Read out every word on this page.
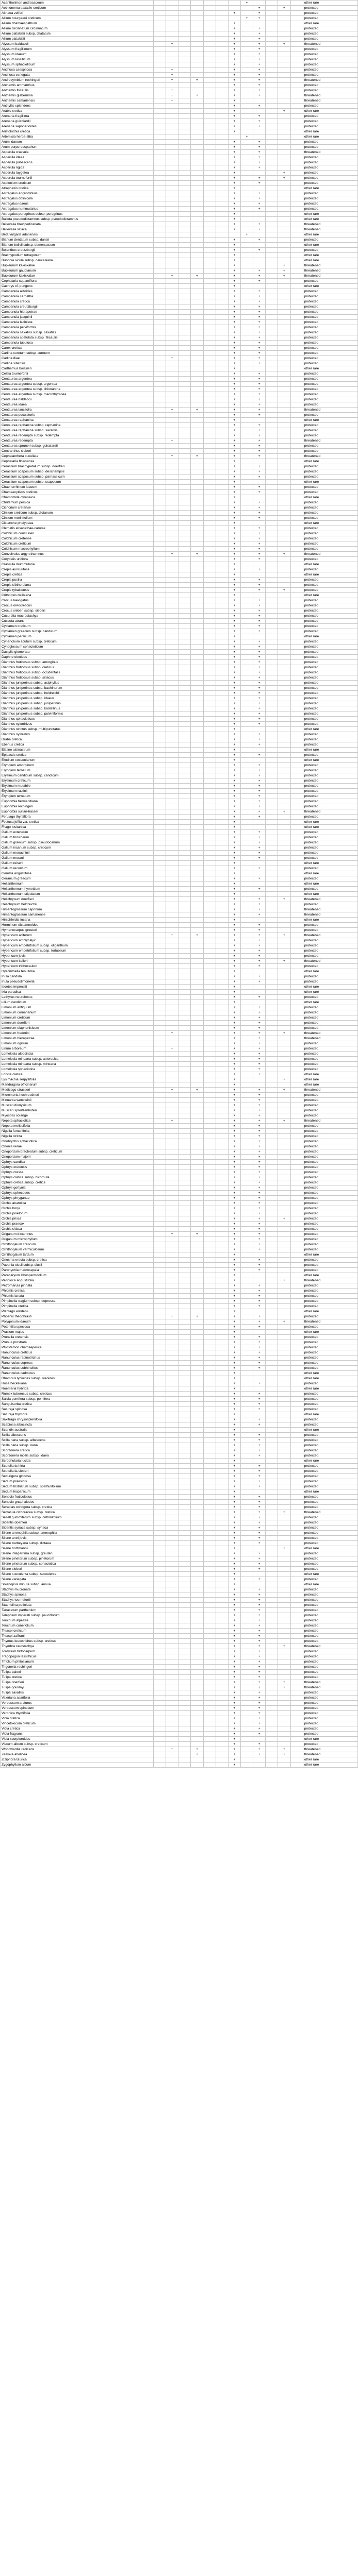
Acanthoiimon androsaceum								+					other rare
Aethionema saxatile creticum									+		+		protected
Althaea zeiferi							+		+				protected
Allium bourgaeui creticum								+	+				protected
Allium chamaespathum							+						other rare
Allium circinnatum circinnatum							+		+				protected
Allium platakisii subsp. dilatatum							+		+				protected
Allium platakisii							+		+				protected
Alyssum baldaccii		+					+		+		+		threatened
Alyssum fragillimum							+		+				protected
Alyssum idaeum							+		+				protected
Alyssum lassiticum							+		+				protected
Alyssum sphacioticum							+		+				protected
Anchusa caespitosa		+					+		+				protected
Anchusa variegata		+					+		+				protected
Androcymbium rechingeri		+		+			+		+				threatened
Anthemis ammanthus							+		+				protected
Anthemis filicaulis		+					+		+				protected
Anthemis glaberrima		+		+			+		+				threatened
Anthemis samariensis		+					+						threatened
Anthyllis splendens							+		+				protected
Arabis cretica							+				+		other rare
Arenaria fragillima							+		+				protected
Arenaria guicciardii							+		+				protected
Arenaria saponarioides							+		+				protected
Aristolochia cretica							+						other rare
Artemisia herba-alba								+					other rare
Arum idaeum							+		+				protected
Arum purpureospathum							+		+				protected
Asperula crassula							+		+				threatened
Asperula idaea							+		+				protected
Asperula pubescens							+		+				protected
Asperula rigida							+		+				protected
Asperula taygetea							+				+		protected
Asperula tournefortii							+		+		+		protected
Asplenium creticum							+		+				protected
Atraphaxis cretica							+						other rare
Astragalus angustifolius							+		+				protected
Astragalus dolinicola							+		+				protected
Astragalus idaeus							+		+				protected
Astragalus nummularius							+		+				protected
Astragalus peregrinus subsp. peregrinus							+						other rare
Ballota pseudodictamnus subsp. pseudodictamnus							+						other rare
Bellevalia brevipedicellata							+		+				threatened
Bellevalia sitiaca							+		+				threatened
Beta vulgaris adanensis								+					other rare
Bianum dentatum subsp. dansii							+		+				protected
Bianum bolivii subsp. obmenassum							+						other rare
Bolanthus creutzburgii							+		+				protected
Brachypodium tetragonum							+						other rare
Bubonia sicula subsp. caucasiana							+						other rare
Bupleurum kakiskalae							+				+		threatened
Bupleurum gaudianum							+		+		+		threatened
Bupleurum kakiskalae		+		+			+		+		+		threatened
Cephalaria squamiflora							+		+				protected
Cachrys cf. pungens							+						other rare
Campanula aizoides							+		+				protected
Campanula carpatha							+		+				protected
Campanula cretica							+		+				protected
Campanula creutzburgii							+		+				protected
Campanula hierapetrae							+		+				protected
Campanula jacquinii							+		+				protected
Campanula laciniata							+		+				protected
Campanula pelviformis							+		+				protected
Campanula saxatilis subsp. saxatilis							+		+				protected
Campanula spatulata subsp. filicaulis							+		+				protected
Campanula tubulosa							+		+				protected
Carex cretica							+		+				protected
Carlina curetum subsp. curetum							+		+				protected
Carlina diae		+					+		+				protected
Carlina sitiensis							+		+				protected
Carthamus boissieri							+						other rare
Celsia tournefortii							+		+				protected
Centaurea argentea							+		+				protected
Centaurea argentea subsp. argentea							+		+				protected
Centaurea argentea subsp. chionantha							+		+				protected
Centaurea argentea subsp. macrothyrsoea							+		+				protected
Centaurea baldaccii							+		+				protected
Centaurea idaea							+		+				protected
Centaurea lancifolia		+		+			+		+				threatened
Centaurea poculatoris							+		+				protected
Centaurea raphanina							+						other rare
Centaurea raphanina subsp. raphanina							+		+				protected
Centaurea raphanina subsp. saxatilis							+		+				protected
Centaurea redempta subsp. redempta							+		+				protected
Centaurea redempta		+					+		+				threatened
Centaurea spruneri subsp. guicciardii							+		+				protected
Centranthus sieberi							+		+				protected
Cephalanthera cucullata		+		+			+		+				threatened
Cephalaria flosculosa							+						other rare
Cerastium brachypetalum subsp. doerfleri							+		+				protected
Cerastium scaposum subsp. deschampsii							+		+				protected
Cerastium scaposum subsp. parnassicum							+		+				protected
Cerastium scaposum subsp. scaposum							+						other rare
Chaenorrhinum idaeum							+		+				protected
Chamaecytisus creticus							+		+				protected
Chamomilla cyrenaica							+						other rare
Chritemum persica							+		+				protected
Cichorium cretense							+		+				protected
Cirsium creticum subsp. dictaeum							+		+				protected
Cirsium morinifolium							+		+				protected
Cistanche phelypaea							+						other rare
Clematis elisabethae-carolae							+		+				protected
Colchicum cousturieri							+		+				protected
Colchicum cretense							+		+				protected
Colchicum creticum							+		+				protected
Colchicum macrophyllum							+		+				protected
Convolvulus argyrothamnus		+		+			+		+		+		threatened
Corydalis uniflora							+		+				protected
Crassula mummularia							+						other rare
Crepis auriculifolia							+		+				protected
Crepis cretica							+						other rare
Crepis pusilla							+		+				protected
Crepis sibthorpiana							+		+				protected
Crepis tybakiensis							+		+		+		protected
Crithopsis delileana							+						other rare
Crocus laevigatus							+		+				protected
Crocus oreocreticus							+		+				protected
Crocus sieberi subsp. sieberi							+		+				protected
Cucurbita macrostachya							+		+				protected
Cuscuta atrans							+		+				protected
Cyclamen creticum							+		+				protected
Cyclamen graecum subsp. candicum							+		+				protected
Cyclamen persicum							+						other rare
Cynanchum acutum subsp. creticum							+		+				protected
Cynoglossum sphacioticum							+		+				protected
Dactylis glomerata							+		+				protected
Daphne oleoides							+		+				protected
Dianthus fruticosus subsp. amorginus							+		+				protected
Dianthus fruticosus subsp. creticus							+		+				protected
Dianthus fruticosus subsp. occidentalis							+		+				protected
Dianthus fruticosus subsp. sitiacus							+		+				protected
Dianthus juniperinus subsp. aciphyllus							+		+				protected
Dianthus juniperinus subsp. bauhinorum							+		+				protected
Dianthus juniperinus subsp. heldreichii							+		+				protected
Dianthus juniperinus subsp. idaeus							+		+				protected
Dianthus juniperinus subsp. juniperinus							+		+				protected
Dianthus juniperinus subsp. kastellinus							+		+				protected
Dianthus juniperinus subsp. pulviniformis							+		+				protected
Dianthus sphacioticus							+		+				protected
Dianthus xylorrhizus							+		+				protected
Dianthus strictus subsp. multipunctatus							+						other rare
Dianthus sylvestris							+		+				protected
Draba cretica							+		+				protected
Ebenus cretica							+		+				protected
Elatine alsinastrum							+						other rare
Epipactis cretica							+		+				protected
Erodium cossonianum							+						other rare
Eryngium amorginum							+		+				protected
Eryngium ternatum							+		+				protected
Erysimum candicum subsp. candicum							+		+				protected
Erysimum creticum							+		+				protected
Erysimum mutabile							+		+				protected
Erysimum raulinii							+		+				protected
Eryngium ternatum							+		+				protected
Euphorbia hermanitiana							+		+				protected
Euphorbia rechingeri							+		+				protected
Euphorbia sultan-hassei							+		+		+		threatened
Ferulago thyrsiflora							+		+				protected
Festuca jeffia var. cretica							+						other rare
Filago lusitanica							+						other rare
Galium extensum							+		+				protected
Galium fruticosum							+		+				protected
Galium graecum subsp. pseudocanum							+		+				protected
Galium incanum subsp. creticum							+		+				protected
Galium monachinii							+		+				protected
Galium moranii							+		+				protected
Galium reiseri							+						other rare
Galium recurvum							+		+				protected
Genista angustifolia							+						other rare
Geranium graecum							+		+				protected
Helianthemum							+						other rare
Helianthemum hymettium							+		+				protected
Helianthemum stipulatum							+						other rare
Helichrysum doerfleri							+		+		+		threatened
Helichrysum heldreichii							+		+				protected
Himantoglossum caprinum							+		+				threatened
Himantoglossum samariense							+		+				threatened
Hirschfeldia incana							+						other rare
Horminum dictamnoides							+		+				protected
Hymenocarpus greuteri							+		+				protected
Hypericum aciferum		+		+			+		+		+		threatened
Hypericum amblycalyx							+		+				protected
Hypericum empetrifolium subsp. oliganthum							+		+				protected
Hypericum empetrifolium subsp. tortuosum							+		+				protected
Hypericum jovis							+		+				protected
Hypericum kelleri							+		+		+		threatened
Hypericum trichocaulon							+		+				protected
Hyacinthella tenuifolia							+						other rare
Inula candida							+		+				protected
Inula pseudolimonella							+		+				protected
Isoetes impressii							+						other rare
Ixia paradisa							+						other rare
Lathyrus neurolobus							+		+				protected
Lilium candidum							+						other rare
Limonium antiquum							+		+				protected
Limonium cornarianum							+		+				protected
Limonium creticum							+		+				protected
Limonium doerfleri							+		+				protected
Limonium elaphonisicum							+		+				protected
Limonium frederici		+					+		+		+		threatened
Limonium hierapetrae							+		+				threatened
Limonium ogiliuni							+		+				protected
Linum arboreum		+					+		+				protected
Lomelosia albocincta							+		+				protected
Lomelosia minoana subsp. asterusica							+		+				protected
Lomelosia minoana subsp. minoana							+		+				protected
Lomelosia sphaciotica							+		+				protected
Loncia cretica							+		+				other rare
Lysimachia serpyllifolia							+				+		other rare
Mandragora officinarum							+						other rare
Medicago strasseri		+		+			+		+		+		threatened
Micromeria hochreutineri							+		+				protected
Minuartia wettsteinii							+		+				protected
Muscari dionysicum							+		+				protected
Muscari spreitzenhoferi							+		+				protected
Myosotis solange							+		+				protected
Nepeta sphaciotica		+					+		+		+		threatened
Nepeta melissifolia							+		+				protected
Nigella fumariifolia							+		+				protected
Nigella stricta							+		+				protected
Onobrychis sphaciotica							+		+				protected
Ononis verae							+		+				protected
Onopordum bracteatum subsp. creticum							+		+				protected
Onopordum majorii							+		+				protected
Ophrys candica							+		+				protected
Ophrys cretensis							+		+				protected
Ophrys cressa							+		+				protected
Ophrys cretica subsp. bicornuta							+		+				protected
Ophrys cretica subsp. cretica							+		+				protected
Ophrys gortynia							+		+				protected
Ophrys sphecodes							+		+				protected
Ophrys phryganae							+		+				protected
Orchis anatolica							+		+				protected
Orchis boryi							+		+				protected
Orchis pinetorum							+		+				protected
Orchis prisca							+		+		+		protected
Orchis praecox							+		+				protected
Orchis sitiaca							+		+				protected
Origanum dictamnus		+		+			+		+				protected
Origanum microphyllum							+		+				protected
Ornithogalum creticum							+		+				protected
Ornithogalum vermiculosum							+		+				protected
Ornithogalum tardum							+						other rare
Onosma erecta subsp. cretica							+		+				protected
Paeonia clusii subsp. clusii							+		+				protected
Paronychia macrosepala							+		+				protected
Paracaryum lithospermifolium							+						other rare
Periploca angustifolia							+				+		threatened
Petromarula pinnata							+		+				protected
Phlomis cretica							+		+				protected
Phlomis lanata							+		+				protected
Pimpinella tragium subsp. depressa							+		+				protected
Pimpinella cretica							+		+				protected
Plantago weldenii							+						other rare
Phoenix theophrasti		+		+			+		+				protected
Polygonum idaeum							+		+		+		threatened
Potentilla speciosa							+		+				protected
Prasium majus							+						other rare
Prunella cretensis							+		+				protected
Prunus prostrata							+		+				protected
Ptilostemon chamaepeuce							+		+				protected
Ranunculus creticus							+		+				protected
Ranunculus radinotrichus							+		+				protected
Ranunculus cupreus							+		+				protected
Ranunculus subhirtellus							+		+				protected
Ranunculus cadmicus							+						other rare
Rhamnus lycioides subsp. oleoides							+						other rare
Rosa heckeliana							+		+				protected
Roemeria hybrida							+						other rare
Rumex tuberosus subsp. creticus							+		+				protected
Salvia pomifera subsp. pomifera							+		+				protected
Sanguisorba cretica							+		+				protected
Satureja spinosa							+		+				protected
Satureja thymbra							+						other rare
Saxifraga chrysosplenifolia							+		+				protected
Scabiosa albocincta							+		+				protected
Scandix australis							+						other rare
Scilla albescens							+		+				protected
Scilla nana subsp. albescens							+		+				protected
Scilla nana subsp. nana							+		+				protected
Scorzonera cretica							+		+				protected
Scorzonera mollis subsp. idaea							+		+				protected
Scrophularia lucida							+						other rare
Scutellaria hirta							+		+				protected
Scutellaria sieberi							+		+				protected
Securigera globosa							+		+				protected
Sedum praesidis							+		+				protected
Sedum tristriatum subsp. spathulifolium							+		+				protected
Sedum hispanicum							+						other rare
Senecio fruticulosus							+		+				protected
Senecio gnaphalodes							+		+				protected
Serapias cordigera subsp. cretica							+		+				protected
Serratula cichoracea subsp. cretica							+		+		+		threatened
Sesell gummiferum subsp. crithmifolium							+		+				protected
Sideritis doerfleri							+		+				protected
Sideritis syriaca subsp. syriaca							+		+				protected
Silene ammophila subsp. ammophila							+		+				protected
Silene antri-jovis							+		+				protected
Silene barbeyana subsp. dictaea							+		+				protected
Silene holzmannii							+				+		other rare
Silene integerrima subsp. greuteri							+		+				protected
Silene pinetorum subsp. pinetorum							+		+				protected
Silene pinetorum subsp. sphaciotica							+		+				protected
Silene sieberi							+		+				protected
Silene succulenta subsp. succulenta							+						other rare
Silene variegata							+		+				protected
Solenopsis minuta subsp. annua							+						other rare
Stachys mucronata							+		+				protected
Stachys spinosa							+		+				protected
Stachys tournefortii							+		+				protected
Staehelina petiolata							+		+				protected
Tanacetum parthenium							+		+				protected
Telephium imperati subsp. pauciflorum							+		+				protected
Teucrium alpestre							+		+				protected
Teucrium cuneifolium							+		+				protected
Thlaspi creticum							+		+				protected
Thlaspi zaffranii							+		+				protected
Thymus leucotrichus subsp. creticus							+		+				protected
Thymbra calostachya							+		+		+		threatened
Tordylium hirtocarpum							+		+				protected
Tragopogon lassithicus							+		+				protected
Trifolium phitosianum							+		+				protected
Trigonella rechingeri							+		+				protected
Tulipa bakeri							+		+				protected
Tulipa cretica							+		+				protected
Tulipa doerfleri							+		+		+		threatened
Tulipa goulimyi							+		+		+		threatened
Tulipa saxatilis							+		+				protected
Valeriana asarifolia							+		+				protected
Verbascum arcturus							+		+				protected
Verbascum spinosum							+		+				protected
Veronica thymifolia							+		+				protected
Vicia cretica							+		+				protected
Vincetoxicum creticum							+		+				protected
Viola cretica							+		+				protected
Viola fragrans							+		+				protected
Viola scorpiuroides							+						other rare
Viscum album subsp. creticum							+		+				protected
Woodwardia radicans		+		+			+		+		+		threatened
Zelkova abelicea		+		+			+		+		+		threatened
Ziziphora taurica							+						other rare
Zygophyllum album							+						other rare
